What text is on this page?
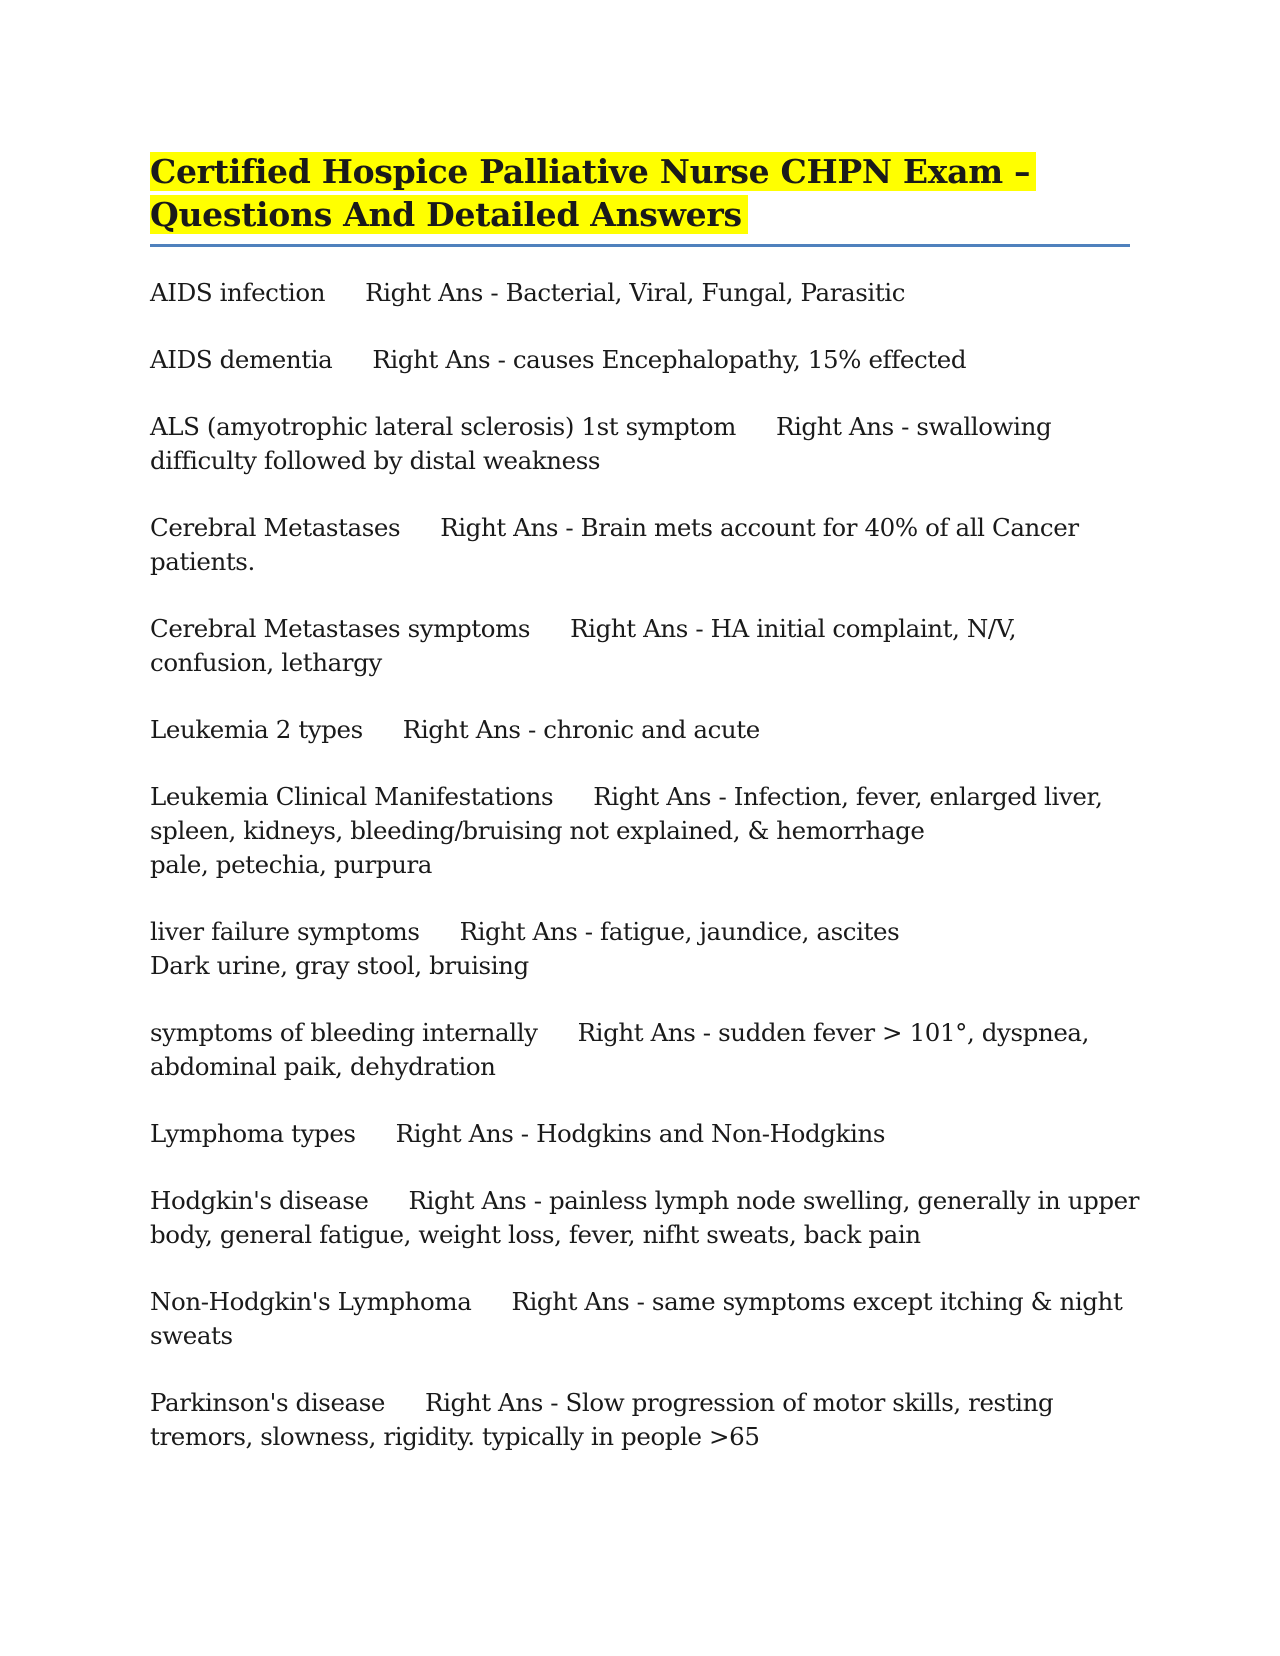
Certified Hospice Palliative Nurse CHPN Exam –
Questions And Detailed Answers
AIDS infection Right Ans - Bacterial, Viral, Fungal, Parasitic
AIDS dementia Right Ans - causes Encephalopathy, 15% effected
ALS (amyotrophic lateral sclerosis) 1st symptom Right Ans - swallowing difficulty followed by distal weakness
Cerebral Metastases Right Ans - Brain mets account for 40% of all Cancer patients.
Cerebral Metastases symptoms Right Ans - HA initial complaint, N/V, confusion, lethargy
Leukemia 2 types Right Ans - chronic and acute
Leukemia Clinical Manifestations Right Ans - Infection, fever, enlarged liver, spleen, kidneys, bleeding/bruising not explained, & hemorrhage
pale, petechia, purpura
liver failure symptoms Right Ans - fatigue, jaundice, ascites
Dark urine, gray stool, bruising
symptoms of bleeding internally Right Ans - sudden fever > 101°, dyspnea, abdominal paik, dehydration
Lymphoma types Right Ans - Hodgkins and Non-Hodgkins
Hodgkin's disease Right Ans - painless lymph node swelling, generally in upper body, general fatigue, weight loss, fever, nifht sweats, back pain
Non-Hodgkin's Lymphoma Right Ans - same symptoms except itching & night sweats
Parkinson's disease Right Ans - Slow progression of motor skills, resting tremors, slowness, rigidity. typically in people >65
